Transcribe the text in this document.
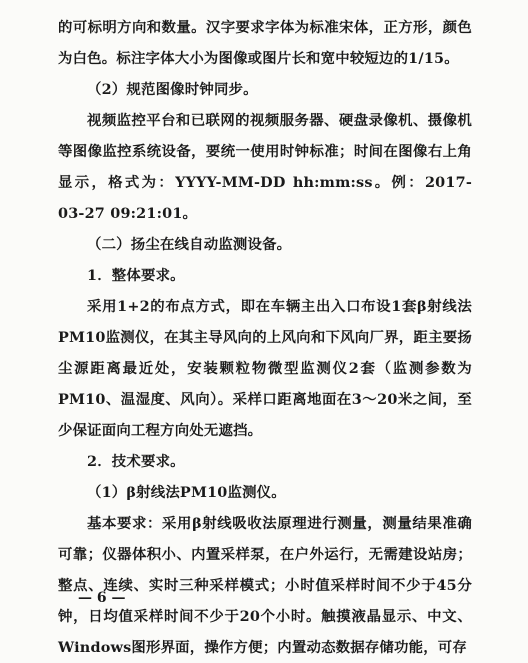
的可标明方向和数量。汉字要求字体为标准宋体，正方形，颜色为白色。标注字体大小为图像或图片长和宽中较短边的1/15。

（2）规范图像时钟同步。

视频监控平台和已联网的视频服务器、硬盘录像机、摄像机等图像监控系统设备，要统一使用时钟标准；时间在图像右上角显示，格式为：YYYY-MM-DD hh:mm:ss。例：2017-03-27 09:21:01。

（二）扬尘在线自动监测设备。

1．整体要求。

采用1+2的布点方式，即在车辆主出入口布设1套β射线法PM10监测仪，在其主导风向的上风向和下风向厂界，距主要扬尘源距离最近处，安装颗粒物微型监测仪2套（监测参数为PM10、温湿度、风向）。采样口距离地面在3～20米之间，至少保证面向工程方向处无遮挡。

2．技术要求。

（1）β射线法PM10监测仪。

基本要求：采用β射线吸收法原理进行测量，测量结果准确可靠；仪器体积小、内置采样泵，在户外运行，无需建设站房；整点、连续、实时三种采样模式；小时值采样时间不少于45分钟，日均值采样时间不少于20个小时。触摸液晶显示、中文、Windows图形界面，操作方便；内置动态数据存储功能，可存

— 6 —
